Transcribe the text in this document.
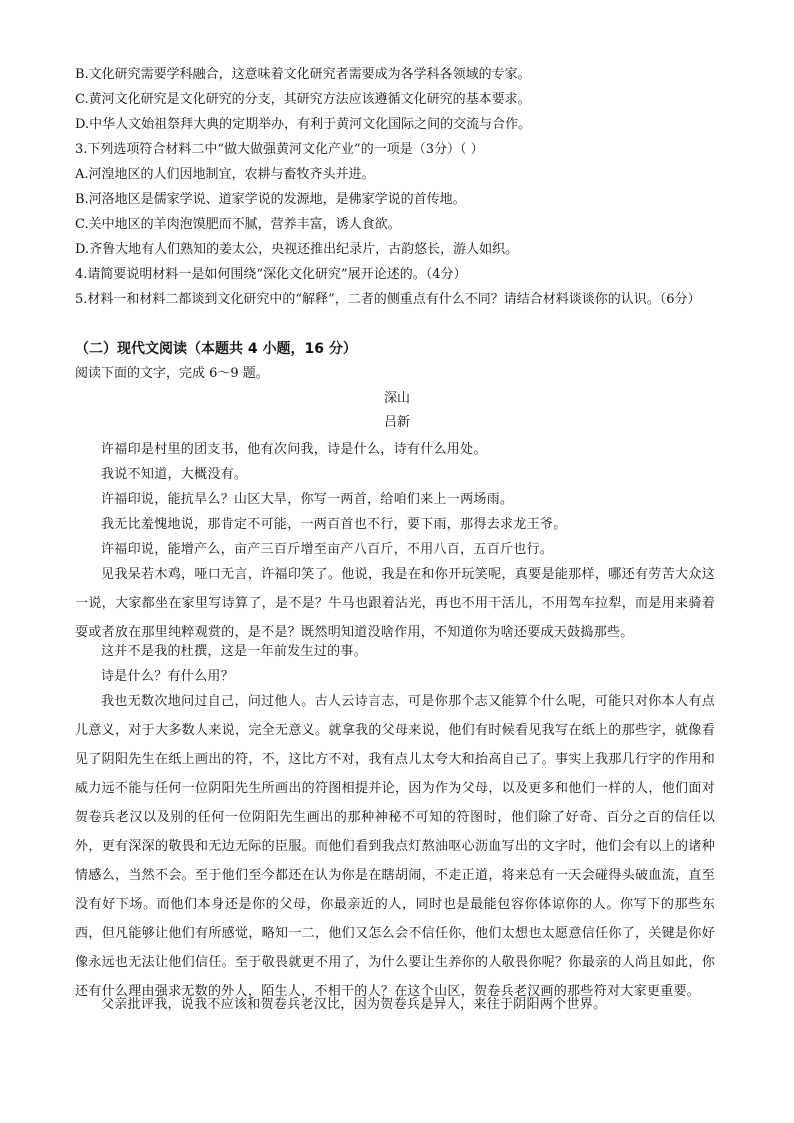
B.文化研究需要学科融合，这意味着文化研究者需要成为各学科各领域的专家。
C.黄河文化研究是文化研究的分支，其研究方法应该遵循文化研究的基本要求。
D.中华人文始祖祭拜大典的定期举办，有利于黄河文化国际之间的交流与合作。
3.下列选项符合材料二中“做大做强黄河文化产业”的一项是（3分）（ ）
A.河湟地区的人们因地制宜，农耕与畜牧齐头并进。
B.河洛地区是儒家学说、道家学说的发源地，是佛家学说的首传地。
C.关中地区的羊肉泡馍肥而不腻，营养丰富，诱人食欲。
D.齐鲁大地有人们熟知的姜太公，央视还推出纪录片，古韵悠长，游人如织。
4.请简要说明材料一是如何围绕“深化文化研究”展开论述的。（4分）
5.材料一和材料二都谈到文化研究中的“解释”，二者的侧重点有什么不同？请结合材料谈谈你的认识。（6分）
（二）现代文阅读（本题共 4 小题，16 分）
阅读下面的文字，完成 6～9 题。
深山
吕新
许福印是村里的团支书，他有次问我，诗是什么，诗有什么用处。
我说不知道，大概没有。
许福印说，能抗旱么？山区大旱，你写一两首，给咱们来上一两场雨。
我无比羞愧地说，那肯定不可能，一两百首也不行，要下雨，那得去求龙王爷。
许福印说，能增产么，亩产三百斤增至亩产八百斤，不用八百，五百斤也行。
见我呆若木鸡，哑口无言，许福印笑了。他说，我是在和你开玩笑呢，真要是能那样，哪还有劳苦大众这一说，大家都坐在家里写诗算了，是不是？牛马也跟着沾光，再也不用干活儿，不用驾车拉犁，而是用来骑着耍或者放在那里纯粹观赏的，是不是？既然明知道没啥作用，不知道你为啥还要成天鼓捣那些。
这并不是我的杜撰，这是一年前发生过的事。
诗是什么？有什么用？
我也无数次地问过自己，问过他人。古人云诗言志，可是你那个志又能算个什么呢，可能只对你本人有点儿意义，对于大多数人来说，完全无意义。就拿我的父母来说，他们有时候看见我写在纸上的那些字，就像看见了阴阳先生在纸上画出的符，不，这比方不对，我有点儿太夸大和抬高自己了。事实上我那几行字的作用和威力远不能与任何一位阴阳先生所画出的符图相提并论，因为作为父母，以及更多和他们一样的人，他们面对贺卷兵老汉以及别的任何一位阴阳先生画出的那种神秘不可知的符图时，他们除了好奇、百分之百的信任以外，更有深深的敬畏和无边无际的臣服。而他们看到我点灯熬油呕心沥血写出的文字时，他们会有以上的诸种情感么，当然不会。至于他们至今都还在认为你是在瞎胡闹，不走正道，将来总有一天会碰得头破血流，直至没有好下场。而他们本身还是你的父母，你最亲近的人，同时也是最能包容你体谅你的人。你写下的那些东西，但凡能够让他们有所感觉，略知一二，他们又怎么会不信任你，他们太想也太愿意信任你了，关键是你好像永远也无法让他们信任。至于敬畏就更不用了，为什么要让生养你的人敬畏你呢？你最亲的人尚且如此，你还有什么理由强求无数的外人，陌生人，不相干的人？在这个山区，贺卷兵老汉画的那些符对大家更重要。
父亲批评我，说我不应该和贺卷兵老汉比，因为贺卷兵是异人，来往于阴阳两个世界。
